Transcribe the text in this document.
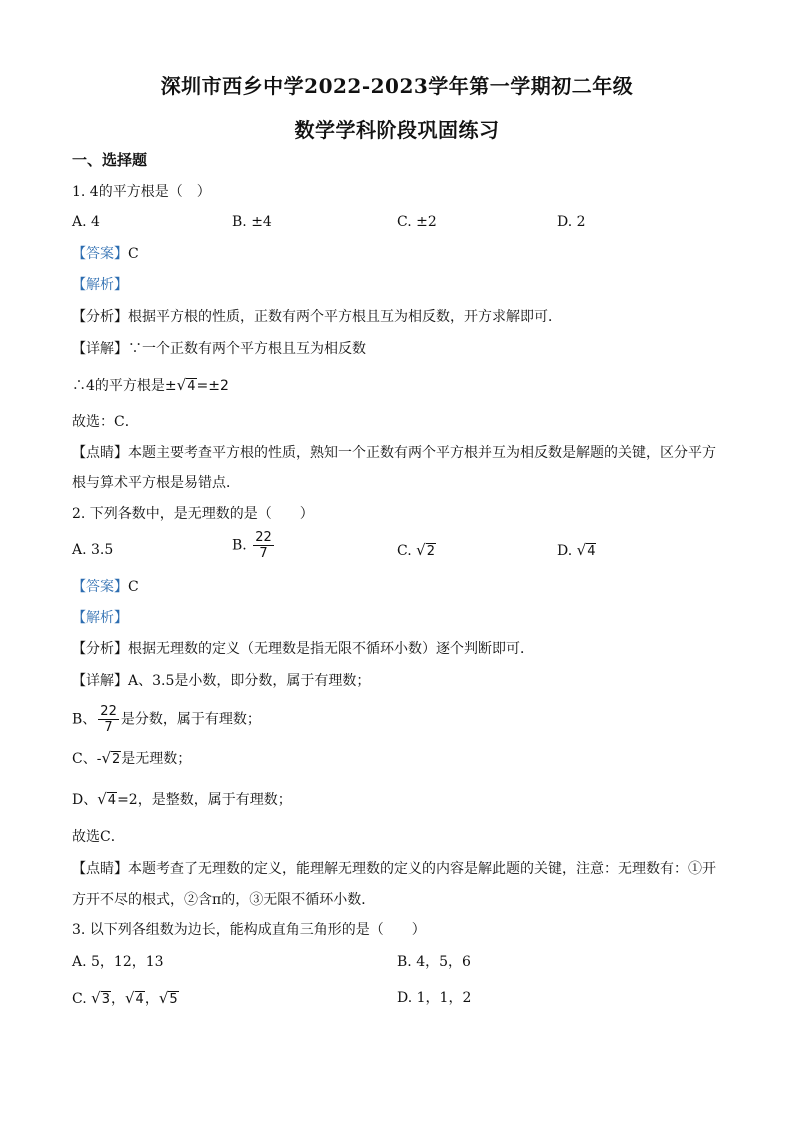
深圳市西乡中学2022-2023学年第一学期初二年级
数学学科阶段巩固练习
一、选择题
1. 4的平方根是（　）
A. 4	B. ±4	C. ±2	D. 2
【答案】C
【解析】
【分析】根据平方根的性质，正数有两个平方根且互为相反数，开方求解即可．
【详解】∵一个正数有两个平方根且互为相反数
∴4的平方根是±√4=±2
故选：C．
【点睛】本题主要考查平方根的性质，熟知一个正数有两个平方根并互为相反数是解题的关键，区分平方
根与算术平方根是易错点．
2. 下列各数中，是无理数的是（　　）
A. 3.5	B. $\frac{22}{7}$	C. √2	D. √4
【答案】C
【解析】
【分析】根据无理数的定义（无理数是指无限不循环小数）逐个判断即可．
【详解】A、3.5是小数，即分数，属于有理数；
B、 $\frac{22}{7}$ 是分数，属于有理数；
C、-√2是无理数；
D、√4=2，是整数，属于有理数；
故选C．
【点睛】本题考查了无理数的定义，能理解无理数的定义的内容是解此题的关键，注意：无理数有：①开
方开不尽的根式，②含π的，③无限不循环小数．
3. 以下列各组数为边长，能构成直角三角形的是（　　）
A. 5，12，13	B. 4，5，6
C. √3，√4，√5	D. 1，1，2
